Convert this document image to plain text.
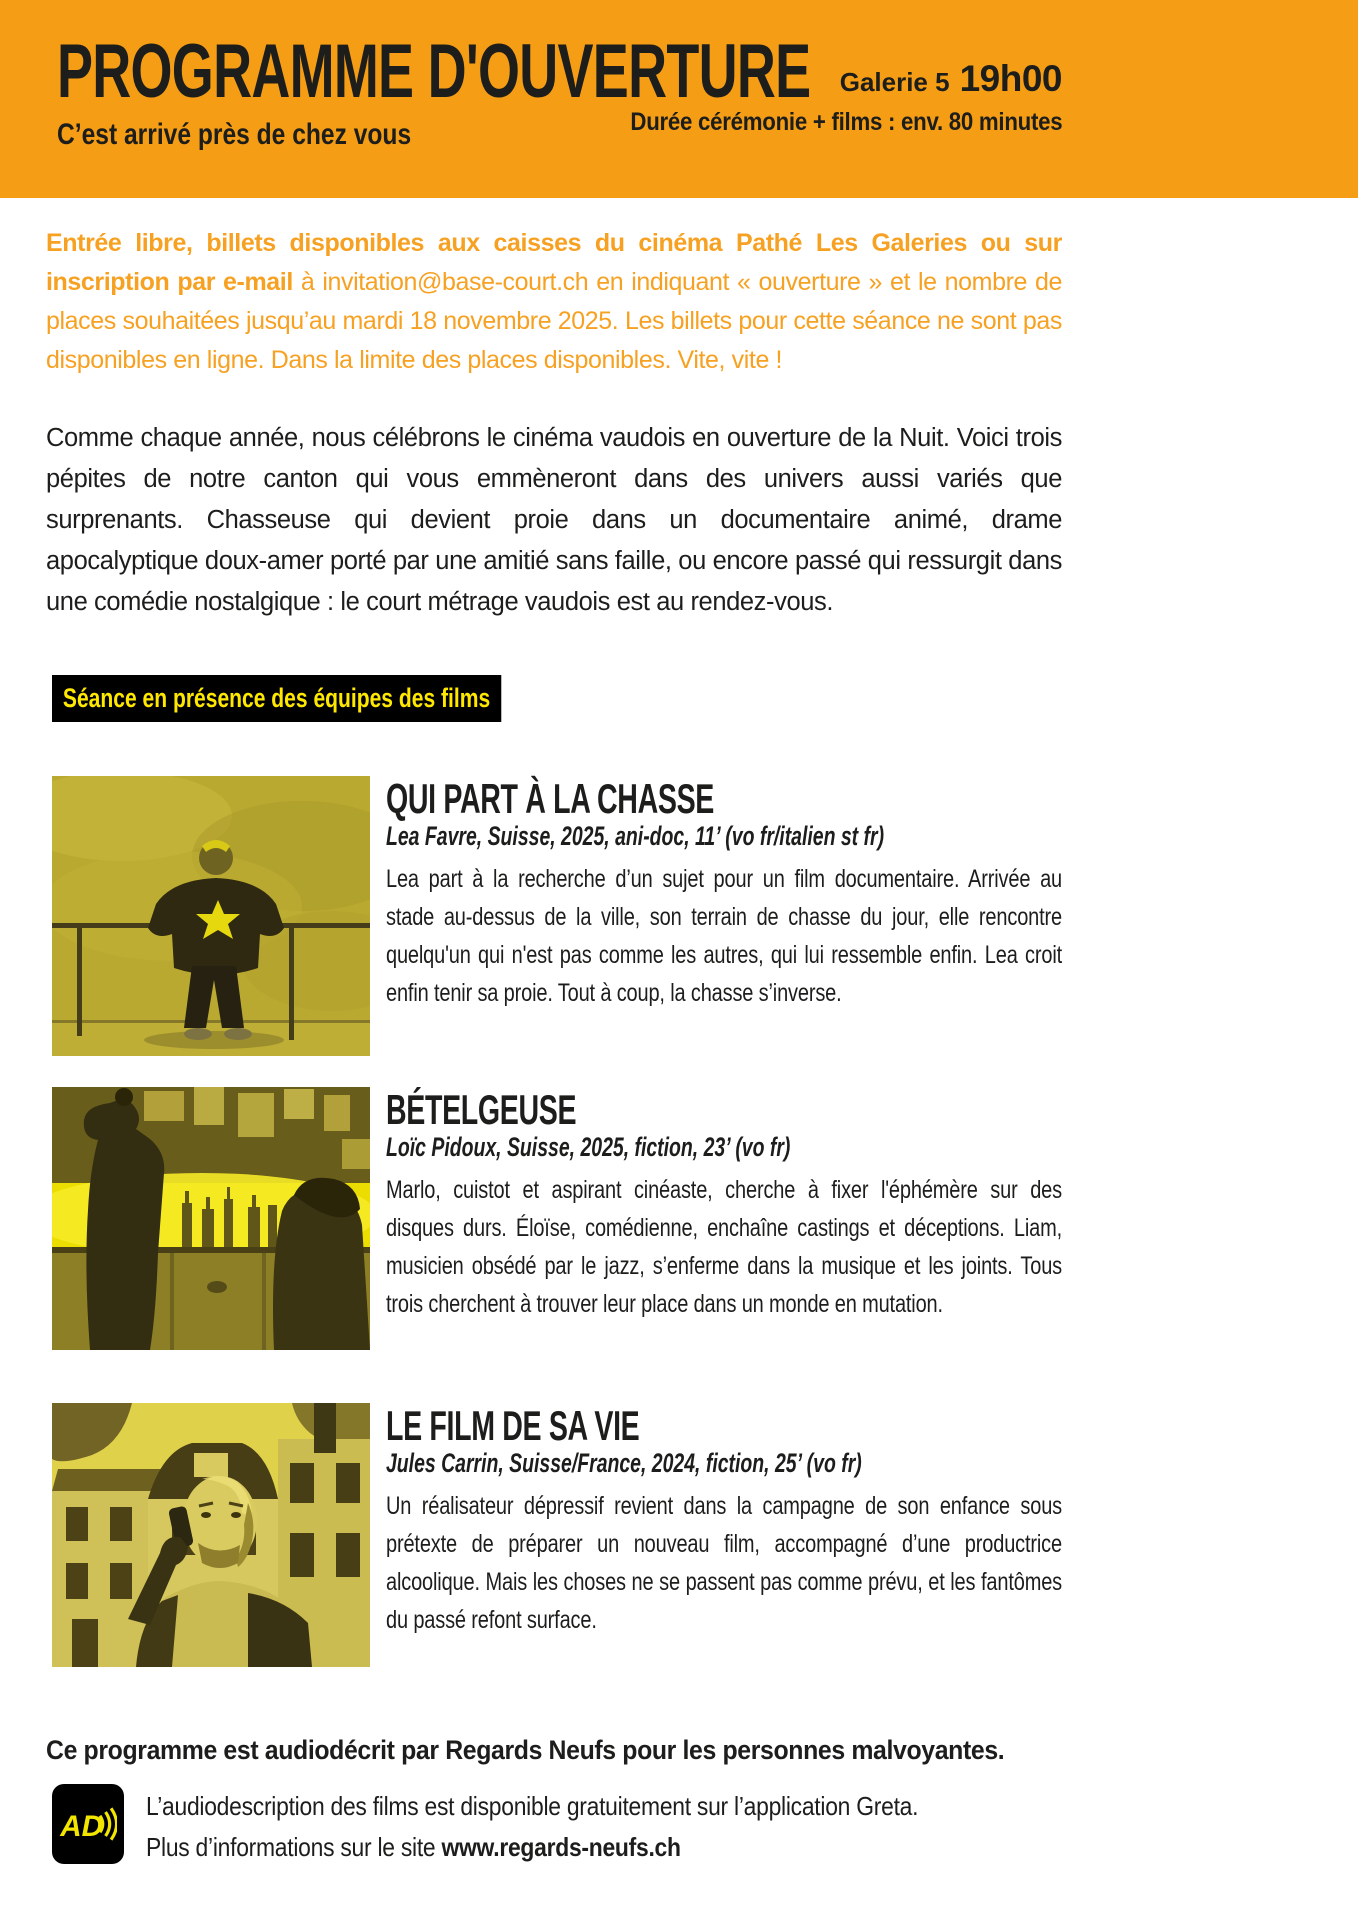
PROGRAMME D'OUVERTURE C’est arrivé près de chez vous
Galerie 5 19h00
Durée cérémonie + films : env. 80 minutes

Entrée libre, billets disponibles aux caisses du cinéma Pathé Les Galeries ou sur inscription par e-mail à invitation@base-court.ch en indiquant « ouverture » et le nombre de places souhaitées jusqu’au mardi 18 novembre 2025. Les billets pour cette séance ne sont pas disponibles en ligne. Dans la limite des places disponibles. Vite, vite !

Comme chaque année, nous célébrons le cinéma vaudois en ouverture de la Nuit. Voici trois pépites de notre canton qui vous emmèneront dans des univers aussi variés que surprenants. Chasseuse qui devient proie dans un documentaire animé, drame apocalyptique doux-amer porté par une amitié sans faille, ou encore passé qui ressurgit dans une comédie nostalgique : le court métrage vaudois est au rendez-vous.

Séance en présence des équipes des films
QUI PART À LA CHASSE Lea Favre, Suisse, 2025, ani-doc, 11’ (vo fr/italien st fr)

Lea part à la recherche d’un sujet pour un film documentaire. Arrivée au stade au-dessus de la ville, son terrain de chasse du jour, elle rencontre quelqu'un qui n'est pas comme les autres, qui lui ressemble enfin. Lea croit enfin tenir sa proie. Tout à coup, la chasse s’inverse.

BÉTELGEUSE Loïc Pidoux, Suisse, 2025, fiction, 23’ (vo fr)

Marlo, cuistot et aspirant cinéaste, cherche à fixer l'éphémère sur des disques durs. Éloïse, comédienne, enchaîne castings et déceptions. Liam, musicien obsédé par le jazz, s’enferme dans la musique et les joints. Tous trois cherchent à trouver leur place dans un monde en mutation.

LE FILM DE SA VIE Jules Carrin, Suisse/France, 2024, fiction, 25’ (vo fr)

Un réalisateur dépressif revient dans la campagne de son enfance sous prétexte de préparer un nouveau film, accompagné d’une productrice alcoolique. Mais les choses ne se passent pas comme prévu, et les fantômes du passé refont surface.

Ce programme est audiodécrit par Regards Neufs pour les personnes malvoyantes.

AD
L’audiodescription des films est disponible gratuitement sur l’application Greta.
Plus d’informations sur le site www.regards-neufs.ch
